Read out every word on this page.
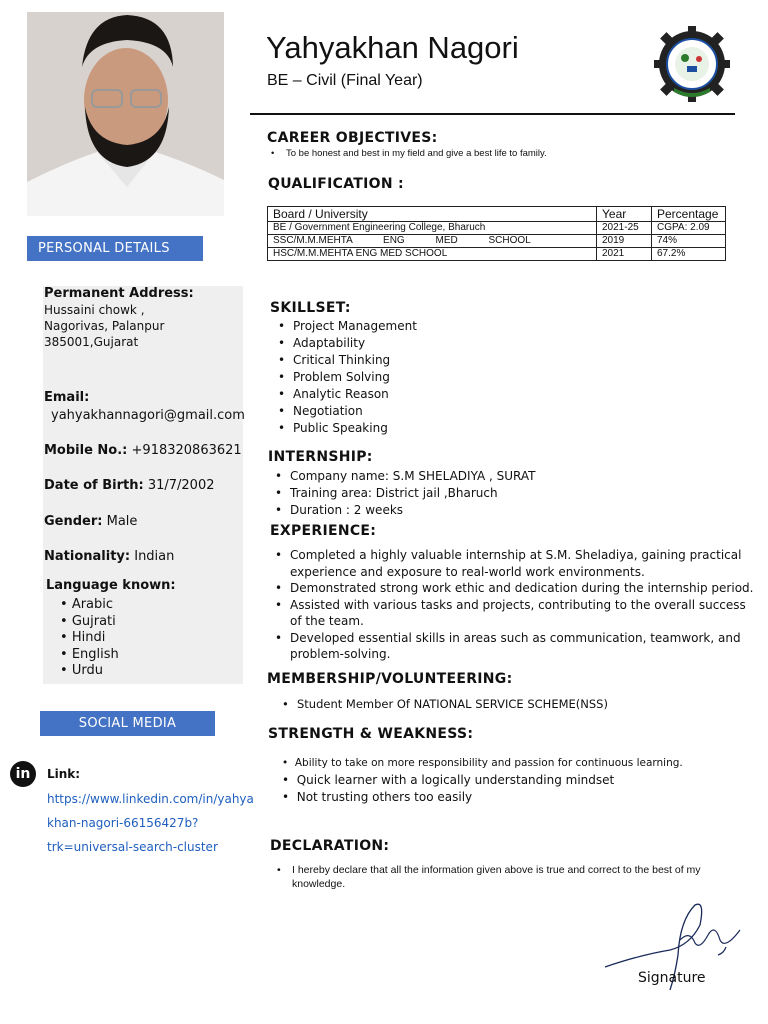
PERSONAL DETAILS
Permanent Address:
Hussaini chowk ,
Nagorivas, Palanpur
385001,Gujarat
Email:
yahyakhannagori@gmail.com
Mobile No.: +918320863621
Date of Birth: 31/7/2002
Gender: Male
Nationality: Indian
Language known:
• Arabic
• Gujrati
• Hindi
• English
• Urdu
SOCIAL MEDIA
in	Link:
https://www.linkedin.com/in/yahya
khan-nagori-66156427b?
trk=universal-search-cluster
Yahyakhan Nagori
BE – Civil (Final Year)
CAREER OBJECTIVES:
• To be honest and best in my field and give a best life to family.
QUALIFICATION :
Board / University	Year	Percentage
BE / Government Engineering College, Bharuch	2021-25	CGPA: 2.09
SSC/M.M.MEHTA ENG MED SCHOOL	2019	74%
HSC/M.M.MEHTA ENG MED SCHOOL	2021	67.2%
SKILLSET:
• Project Management
• Adaptability
• Critical Thinking
• Problem Solving
• Analytic Reason
• Negotiation
• Public Speaking
INTERNSHIP:
• Company name: S.M SHELADIYA , SURAT
• Training area: District jail ,Bharuch
• Duration : 2 weeks
EXPERIENCE:
• Completed a highly valuable internship at S.M. Sheladiya, gaining practical experience and exposure to real-world work environments.
• Demonstrated strong work ethic and dedication during the internship period.
• Assisted with various tasks and projects, contributing to the overall success of the team.
• Developed essential skills in areas such as communication, teamwork, and problem-solving.
MEMBERSHIP/VOLUNTEERING:
• Student Member Of NATIONAL SERVICE SCHEME(NSS)
STRENGTH & WEAKNESS:
•  Ability to take on more responsibility and passion for continuous learning.
•  Quick learner with a logically understanding mindset
•  Not trusting others too easily
DECLARATION:
• I hereby declare that all the information given above is true and correct to the best of my knowledge.
Signature
